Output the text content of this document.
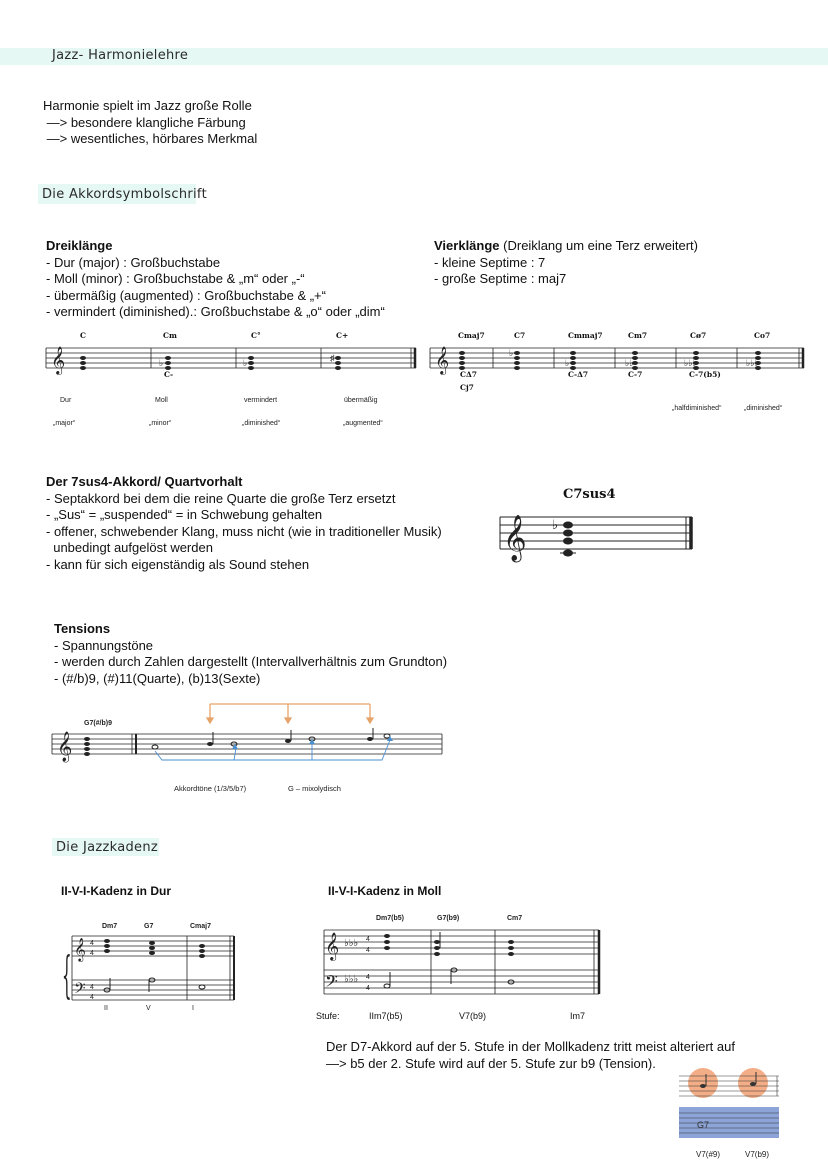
Jazz- Harmonielehre
Harmonie spielt im Jazz große Rolle
—> besondere klangliche Färbung
—> wesentliches, hörbares Merkmal
Die Akkordsymbolschrift
Dreiklänge
- Dur (major) : Großbuchstabe
- Moll (minor) : Großbuchstabe & „m“ oder „-“
- übermäßig (augmented) : Großbuchstabe & „+“
- vermindert (diminished).: Großbuchstabe & „o“ oder „dim“
Vierklänge (Dreiklang um eine Terz erweitert)
- kleine Septime : 7
- große Septime : maj7
𝄞	♭	♭	♯
C	Cm	C°	C+
C-
Dur	Moll	vermindert	übermäßig
„major“	„minor“	„diminished“	„augmented“
𝄞	♭
♭	♭♭	♭♭♭	♭♭♭
Cmaj7	C7	Cmmaj7	Cm7	Cø7	Co7
CΔ7
Cj7
C-Δ7	C-7	C-7(b5)
„halfdiminished“	„diminished“
Der 7sus4-Akkord/ Quartvorhalt
- Septakkord bei dem die reine Quarte die große Terz ersetzt
- „Sus“ = „suspended“ = in Schwebung gehalten
- offener, schwebender Klang, muss nicht (wie in traditioneller Musik)
unbedingt aufgelöst werden
- kann für sich eigenständig als Sound stehen
C7sus4
𝄞 ♭
Tensions
- Spannungstöne
- werden durch Zahlen dargestellt (Intervallverhältnis zum Grundton)
- (#/b)9, (#)11(Quarte), (b)13(Sexte)
G7(#/b)9
𝄞
Akkordtöne (1/3/5/b7)	G – mixolydisch
Die Jazzkadenz
II-V-I-Kadenz in Dur
Dm7	G7	Cmaj7
{ 𝄞
𝄢
4
4
4
4
II	V	I
II-V-I-Kadenz in Moll
Dm7(b5)	G7(b9)	Cm7
𝄞
𝄢
♭♭♭
♭♭♭
4
4
4
4
Stufe:	IIm7(b5)	V7(b9)	Im7
Der D7-Akkord auf der 5. Stufe in der Mollkadenz tritt meist alteriert auf
—> b5 der 2. Stufe wird auf der 5. Stufe zur b9 (Tension).
G7
V7(#9)	V7(b9)
